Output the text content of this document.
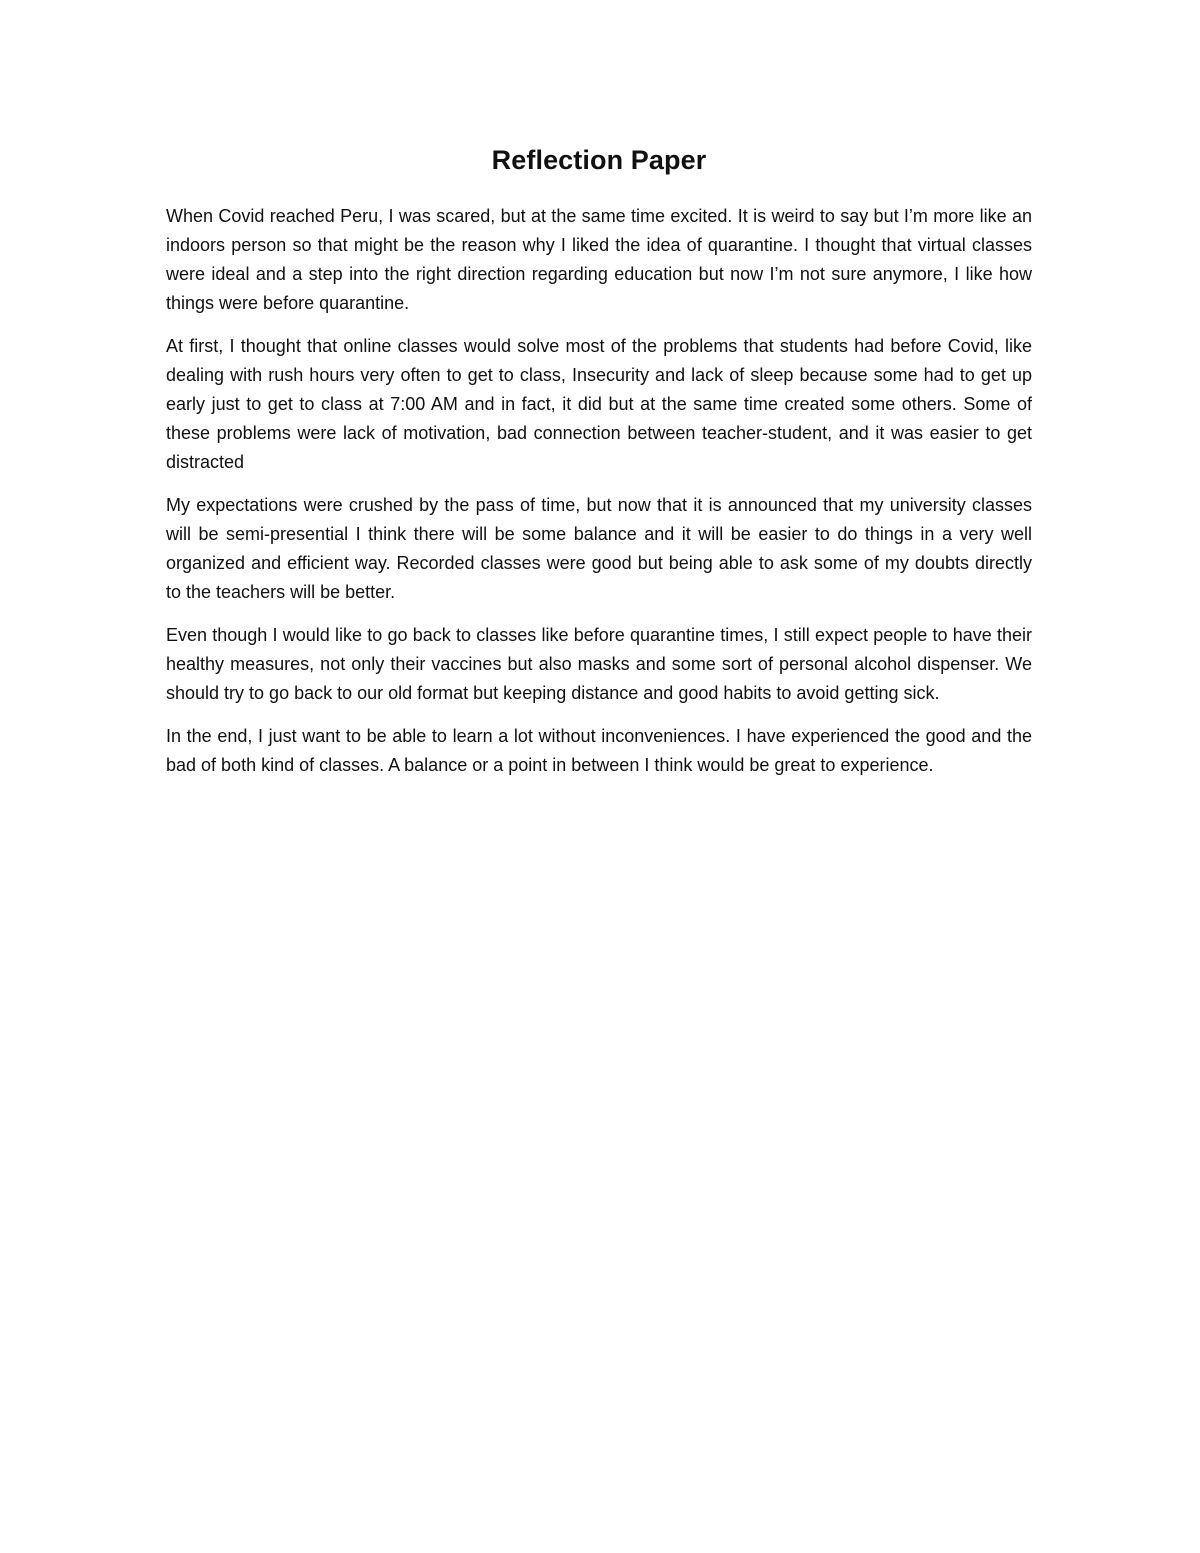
Reflection Paper

When Covid reached Peru, I was scared, but at the same time excited. It is weird to say but I’m more like an indoors person so that might be the reason why I liked the idea of quarantine. I thought that virtual classes were ideal and a step into the right direction regarding education but now I’m not sure anymore, I like how things were before quarantine.

At first, I thought that online classes would solve most of the problems that students had before Covid, like dealing with rush hours very often to get to class, Insecurity and lack of sleep because some had to get up early just to get to class at 7:00 AM and in fact, it did but at the same time created some others. Some of these problems were lack of motivation, bad connection between teacher-student, and it was easier to get distracted

My expectations were crushed by the pass of time, but now that it is announced that my university classes will be semi-presential I think there will be some balance and it will be easier to do things in a very well organized and efficient way. Recorded classes were good but being able to ask some of my doubts directly to the teachers will be better.

Even though I would like to go back to classes like before quarantine times, I still expect people to have their healthy measures, not only their vaccines but also masks and some sort of personal alcohol dispenser. We should try to go back to our old format but keeping distance and good habits to avoid getting sick.

In the end, I just want to be able to learn a lot without inconveniences. I have experienced the good and the bad of both kind of classes. A balance or a point in between I think would be great to experience.
